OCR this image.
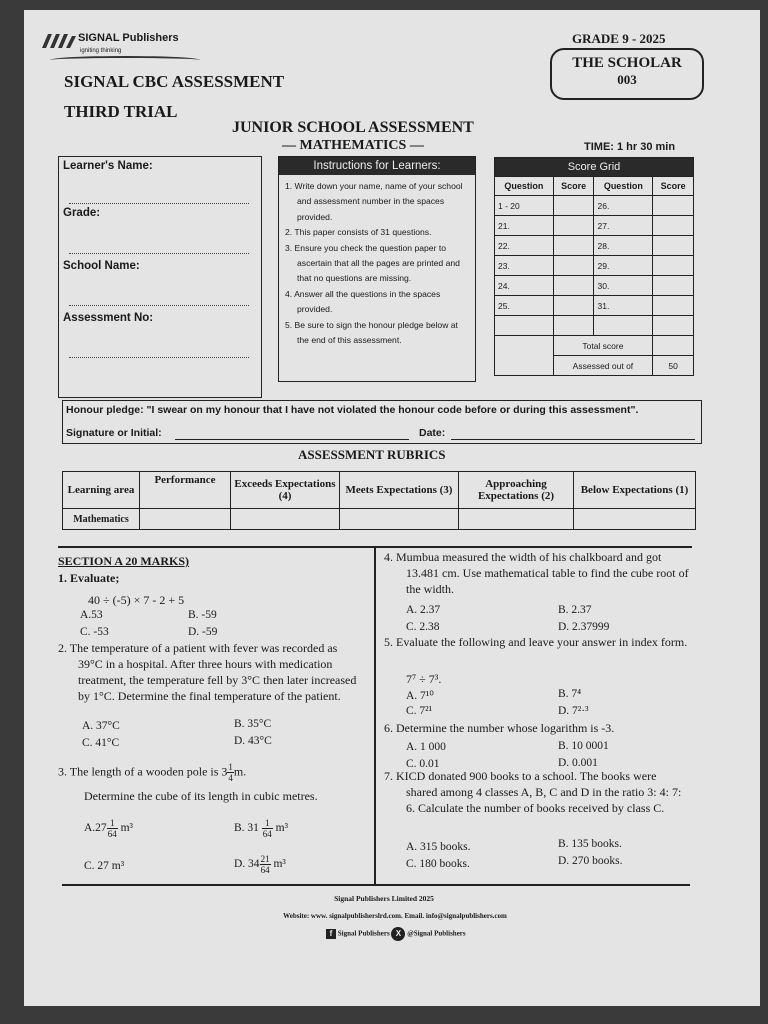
SIGNAL Publishers
igniting thinking
SIGNAL CBC ASSESSMENT
THIRD TRIAL
GRADE 9 - 2025
THE SCHOLAR
003
JUNIOR SCHOOL ASSESSMENT
— MATHEMATICS —	TIME: 1 hr 30 min
Learner's Name:
Grade:
School Name:
Assessment No:
Instructions for Learners:
1. Write down your name, name of your school and assessment number in the spaces provided.
2. This paper consists of 31 questions.
3. Ensure you check the question paper to ascertain that all the pages are printed and that no questions are missing.
4. Answer all the questions in the spaces provided.
5. Be sure to sign the honour pledge below at the end of this assessment.
Score Grid			
Question	Score	Question	Score
1 - 20		26.	
21.		27.	
22.		28.	
23.		29.	
24.		30.	
25.		31.	

	Total score		
	Assessed out of		50
Honour pledge: "I swear on my honour that I have not violated the honour code before or during this assessment".
Signature or Initial:	Date:
ASSESSMENT RUBRICS
Learning area	Performance	Exceeds Expectations (4)	Meets Expectations (3)	Approaching Expectations (2)	Below Expectations (1)
Mathematics					
SECTION A 20 MARKS)
1. Evaluate;
40 ÷ (-5) × 7 - 2 + 5
A.53	B. -59
C. -53	D. -59
2. The temperature of a patient with fever was recorded as 39°C in a hospital. After three hours with medication treatment, the temperature fell by 3°C then later increased by 1°C. Determine the final temperature of the patient.
A. 37°C	B. 35°C
C. 41°C	D. 43°C
3. The length of a wooden pole is $3 \frac{1}{4} m$.
Determine the cube of its length in cubic metres.
$A.27 \frac{1}{64} m^3$	B. $31 \frac{1}{64} m^3$
C. 27 m³	D. $34 \frac{21}{64} m^3$
4. Mumbua measured the width of his chalkboard and got 13.481 cm. Use mathematical table to find the cube root of the width.
A. 2.37	B. 2.37
C. 2.38	D. 2.37999
5. Evaluate the following and leave your answer in index form.
7⁷ ÷ 7³.
A. 7¹⁰	B. 7⁴
C. 7²¹	D. 7²·³
6. Determine the number whose logarithm is -3.
A. 1 000	B. 10 0001
C. 0.01	D. 0.001
7. KICD donated 900 books to a school. The books were shared among 4 classes A, B, C and D in the ratio 3: 4: 7: 6. Calculate the number of books received by class C.
A. 315 books.	B. 135 books.
C. 180 books.	D. 270 books.
Signal Publishers Limited 2025
Website: www. signalpublisherslrd.com. Email. info@signalpublishers.com
f Signal Publishers X @Signal Publishers
